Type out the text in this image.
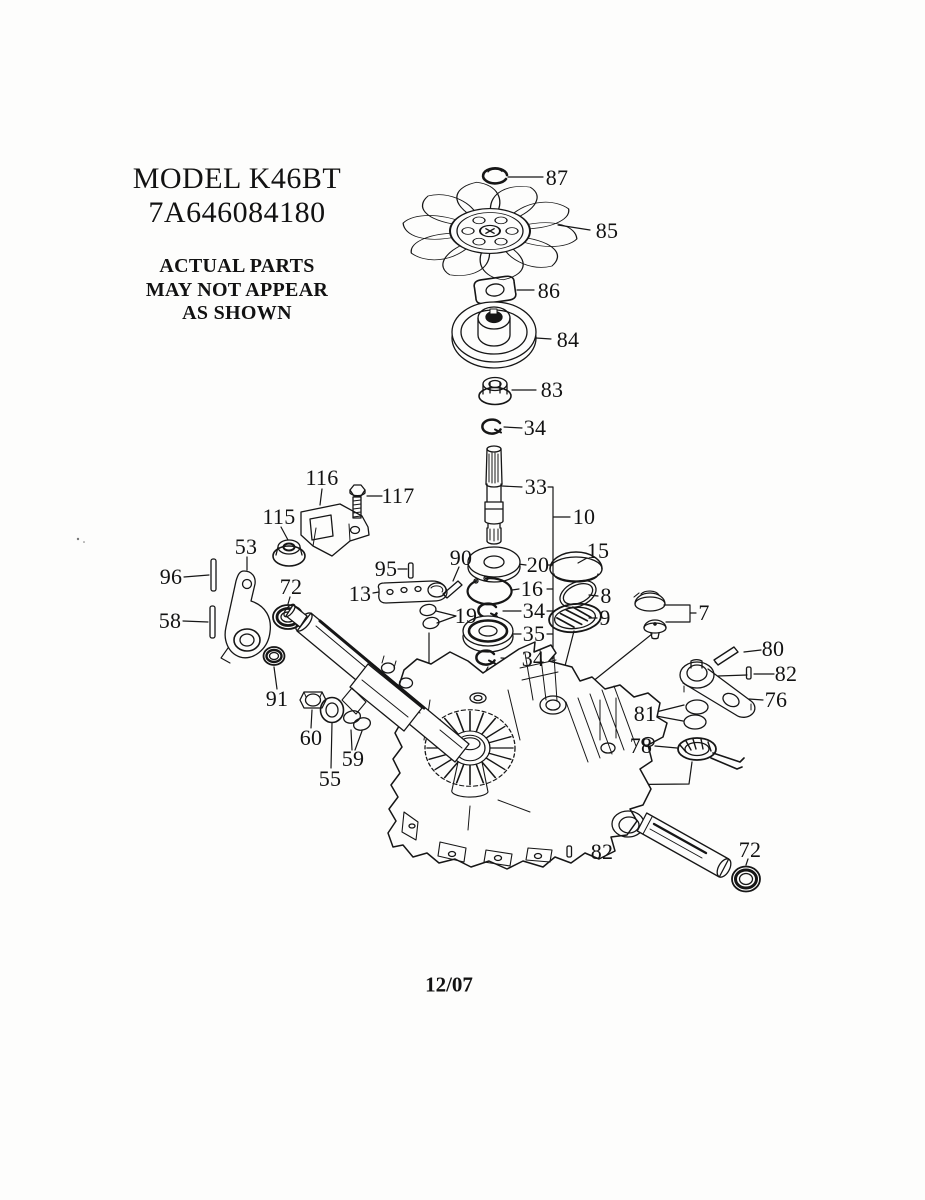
MODEL K46BT
7A646084180
ACTUAL PARTS
MAY NOT APPEAR
AS SHOWN
87
85
86
84
83
34
33
10
116
117
115
53
96	72
95 90 20
15
13	16	8
58	19 34 9	7
35
34	80
82
91	76
81
60	78
55
59
82	72
12/07
